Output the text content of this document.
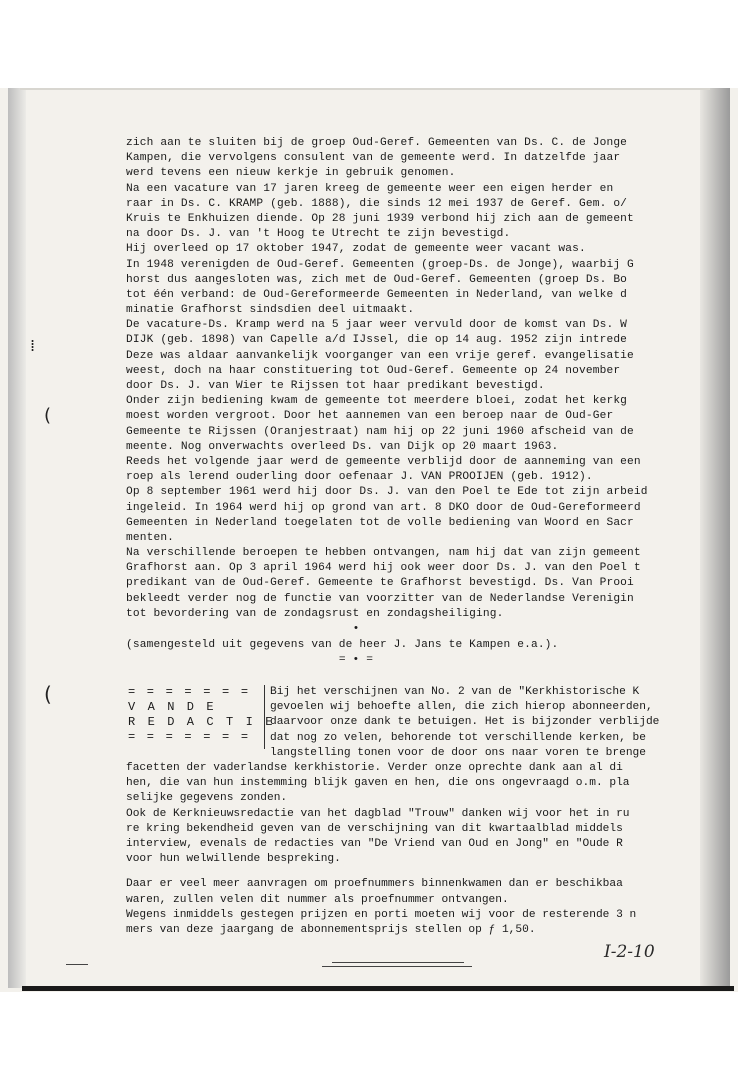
⁞
(
(
zich aan te sluiten bij de groep Oud-Geref. Gemeenten van Ds. C. de Jonge
Kampen, die vervolgens consulent van de gemeente werd. In datzelfde jaar
werd tevens een nieuw kerkje in gebruik genomen.
Na een vacature van 17 jaren kreeg de gemeente weer een eigen herder en
raar in Ds. C. KRAMP (geb. 1888), die sinds 12 mei 1937 de Geref. Gem. o/
Kruis te Enkhuizen diende. Op 28 juni 1939 verbond hij zich aan de gemeent
na door Ds. J. van 't Hoog te Utrecht te zijn bevestigd.
Hij overleed op 17 oktober 1947, zodat de gemeente weer vacant was.
In 1948 verenigden de Oud-Geref. Gemeenten (groep-Ds. de Jonge), waarbij G
horst dus aangesloten was, zich met de Oud-Geref. Gemeenten (groep Ds. Bo
tot één verband: de Oud-Gereformeerde Gemeenten in Nederland, van welke d
minatie Grafhorst sindsdien deel uitmaakt.
De vacature-Ds. Kramp werd na 5 jaar weer vervuld door de komst van Ds. W
DIJK (geb. 1898) van Capelle a/d IJssel, die op 14 aug. 1952 zijn intrede
Deze was aldaar aanvankelijk voorganger van een vrije geref. evangelisatie
weest, doch na haar constituering tot Oud-Geref. Gemeente op 24 november
door Ds. J. van Wier te Rijssen tot haar predikant bevestigd.
Onder zijn bediening kwam de gemeente tot meerdere bloei, zodat het kerkg
moest worden vergroot. Door het aannemen van een beroep naar de Oud-Ger
Gemeente te Rijssen (Oranjestraat) nam hij op 22 juni 1960 afscheid van de
meente. Nog onverwachts overleed Ds. van Dijk op 20 maart 1963.
Reeds het volgende jaar werd de gemeente verblijd door de aanneming van een
roep als lerend ouderling door oefenaar J. VAN PROOIJEN (geb. 1912).
Op 8 september 1961 werd hij door Ds. J. van den Poel te Ede tot zijn arbeid
ingeleid. In 1964 werd hij op grond van art. 8 DKO door de Oud-Gereformeerd
Gemeenten in Nederland toegelaten tot de volle bediening van Woord en Sacr
menten.
Na verschillende beroepen te hebben ontvangen, nam hij dat van zijn gemeent
Grafhorst aan. Op 3 april 1964 werd hij ook weer door Ds. J. van den Poel t
predikant van de Oud-Geref. Gemeente te Grafhorst bevestigd. Ds. Van Prooi
bekleedt verder nog de functie van voorzitter van de Nederlandse Verenigin
tot bevordering van de zondagsrust en zondagsheiliging.
•
(samengesteld uit gegevens van de heer J. Jans te Kampen e.a.).
= • =
= = = = = = =
V A N D E
R E D A C T I E
= = = = = = =
Bij het verschijnen van No. 2 van de "Kerkhistorische K
gevoelen wij behoefte allen, die zich hierop abonneerden,
daarvoor onze dank te betuigen. Het is bijzonder verblijde
dat nog zo velen, behorende tot verschillende kerken, be
langstelling tonen voor de door ons naar voren te brenge
facetten der vaderlandse kerkhistorie. Verder onze oprechte dank aan al di
hen, die van hun instemming blijk gaven en hen, die ons ongevraagd o.m. pla
selijke gegevens zonden.
Ook de Kerknieuwsredactie van het dagblad "Trouw" danken wij voor het in ru
re kring bekendheid geven van de verschijning van dit kwartaalblad middels
interview, evenals de redacties van "De Vriend van Oud en Jong" en "Oude R
voor hun welwillende bespreking.
Daar er veel meer aanvragen om proefnummers binnenkwamen dan er beschikbaa
waren, zullen velen dit nummer als proefnummer ontvangen.
Wegens inmiddels gestegen prijzen en porti moeten wij voor de resterende 3 n
mers van deze jaargang de abonnementsprijs stellen op ƒ 1,50.
I-2-10
